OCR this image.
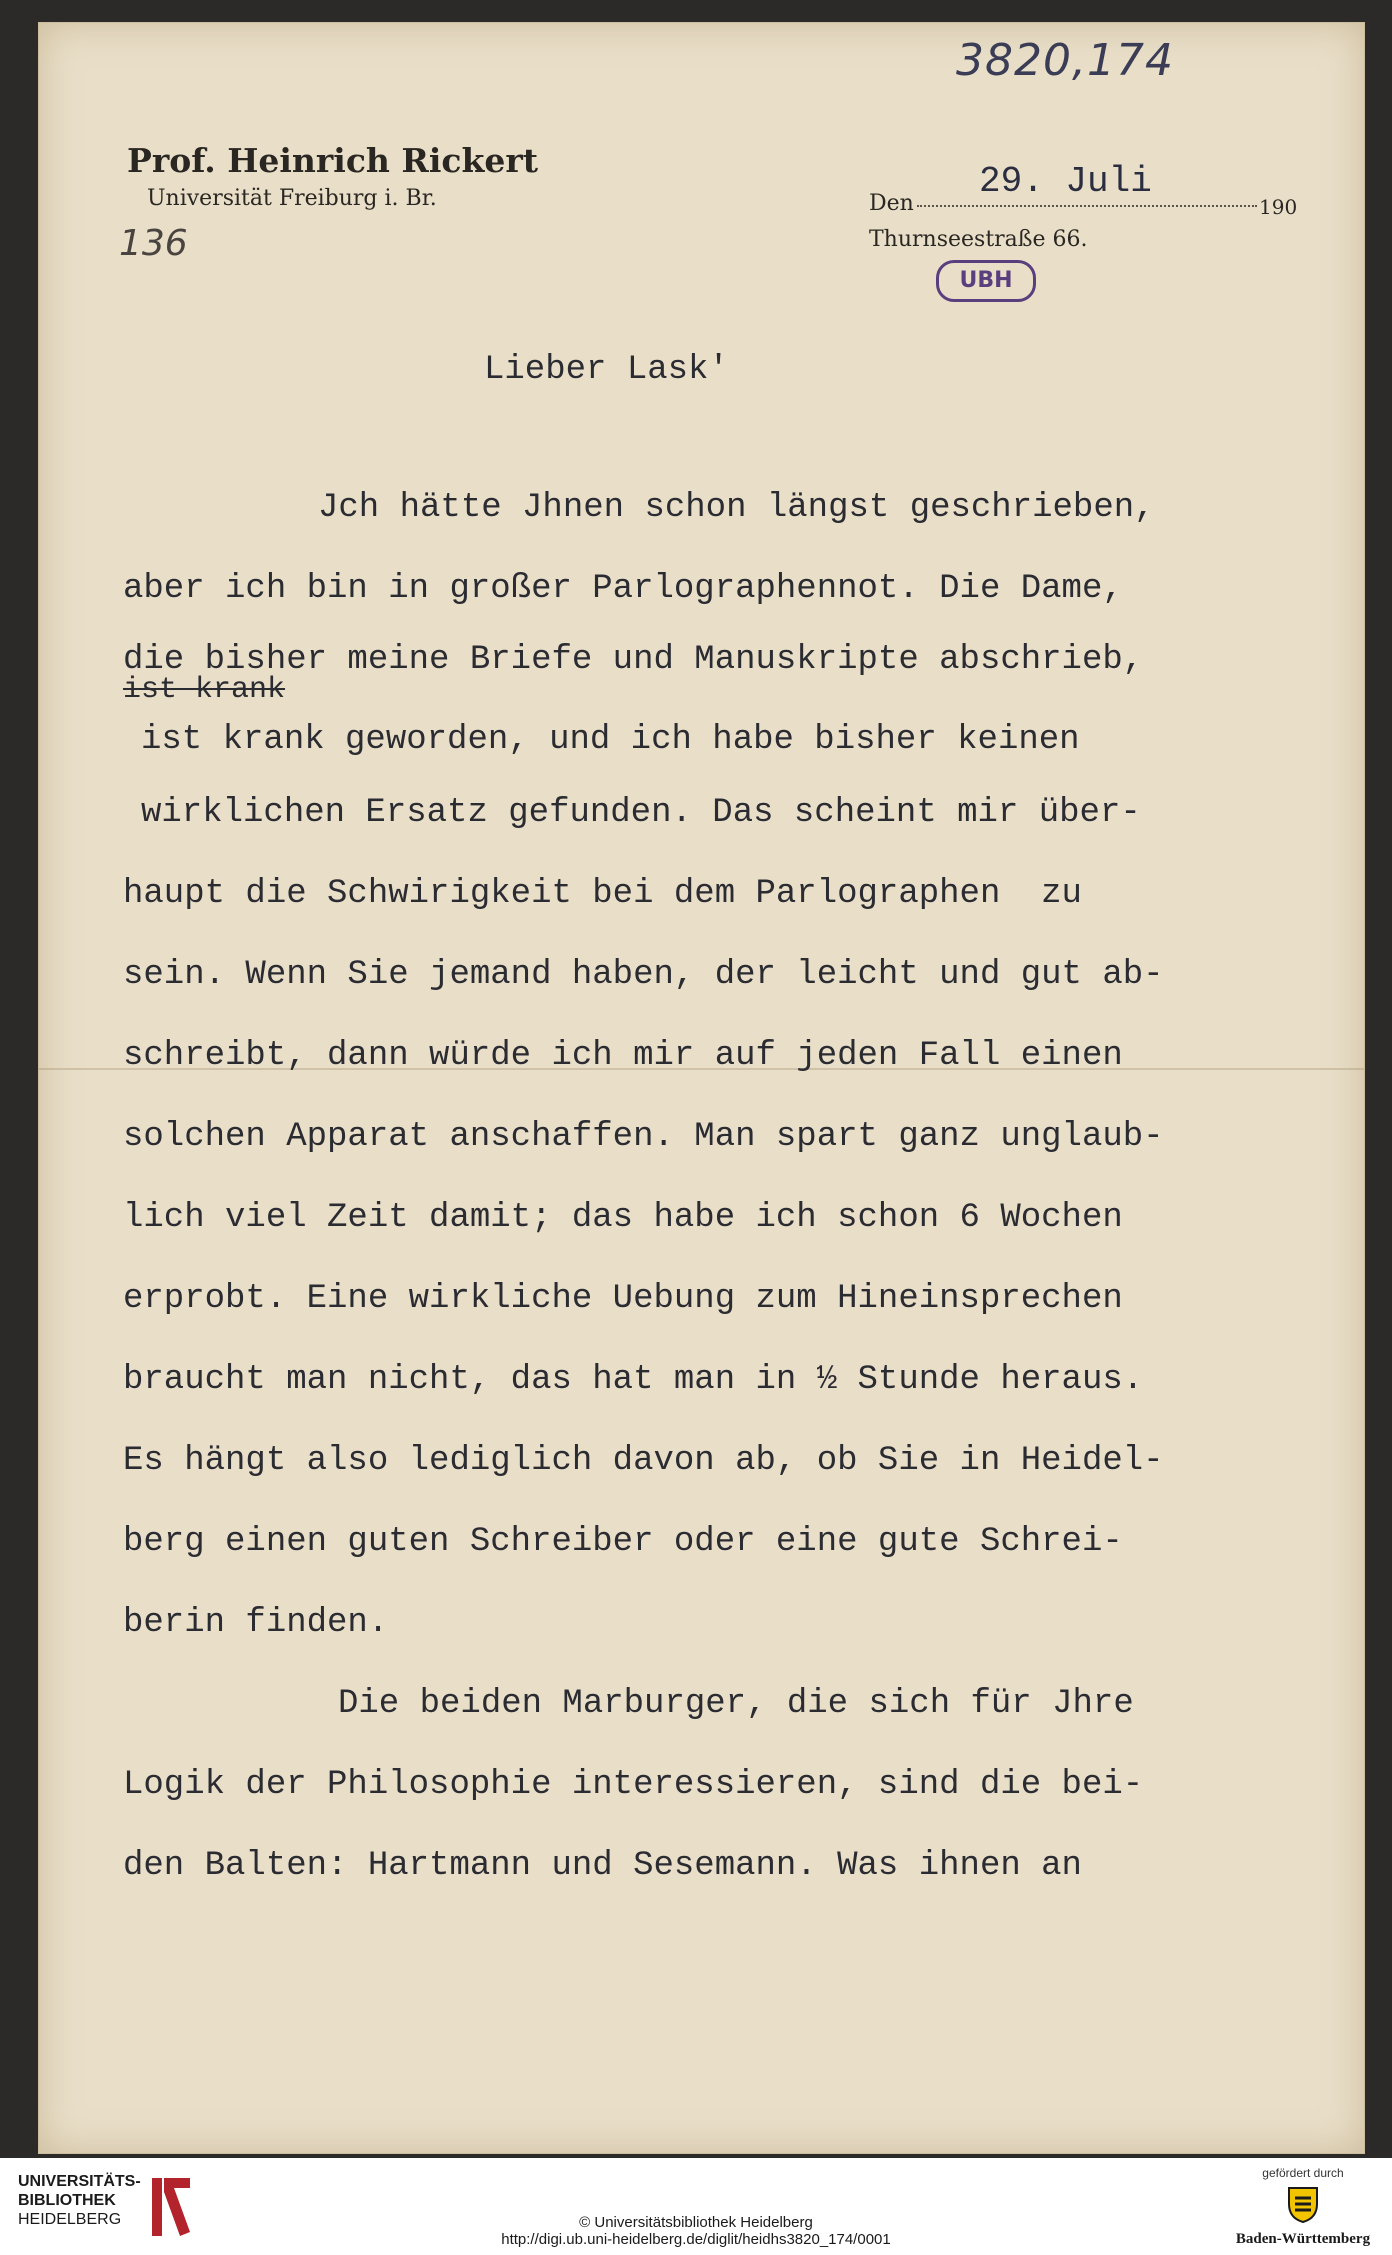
3820,174
Prof. Heinrich Rickert
Universität Freiburg i. Br.
136
Den
29. Juli
190
Thurnseestraße 66.
UBH
Lieber Lask'
ist krank
Jch hätte Jhnen schon längst geschrieben,
aber ich bin in großer Parlographennot. Die Dame,
die bisher meine Briefe und Manuskripte abschrieb,
ist krank geworden, und ich habe bisher keinen
wirklichen Ersatz gefunden. Das scheint mir über-
haupt die Schwirigkeit bei dem Parlographen  zu
sein. Wenn Sie jemand haben, der leicht und gut ab-
schreibt, dann würde ich mir auf jeden Fall einen
solchen Apparat anschaffen. Man spart ganz unglaub-
lich viel Zeit damit; das habe ich schon 6 Wochen
erprobt. Eine wirkliche Uebung zum Hineinsprechen
braucht man nicht, das hat man in ½ Stunde heraus.
Es hängt also lediglich davon ab, ob Sie in Heidel-
berg einen guten Schreiber oder eine gute Schrei-
berin finden.
Die beiden Marburger, die sich für Jhre
Logik der Philosophie interessieren, sind die bei-
den Balten: Hartmann und Sesemann. Was ihnen an
UNIVERSITÄTS-
BIBLIOTHEK
HEIDELBERG	© Universitätsbibliothek Heidelberg
http://digi.ub.uni-heidelberg.de/diglit/heidhs3820_174/0001
gefördert durch
Baden-Württemberg
